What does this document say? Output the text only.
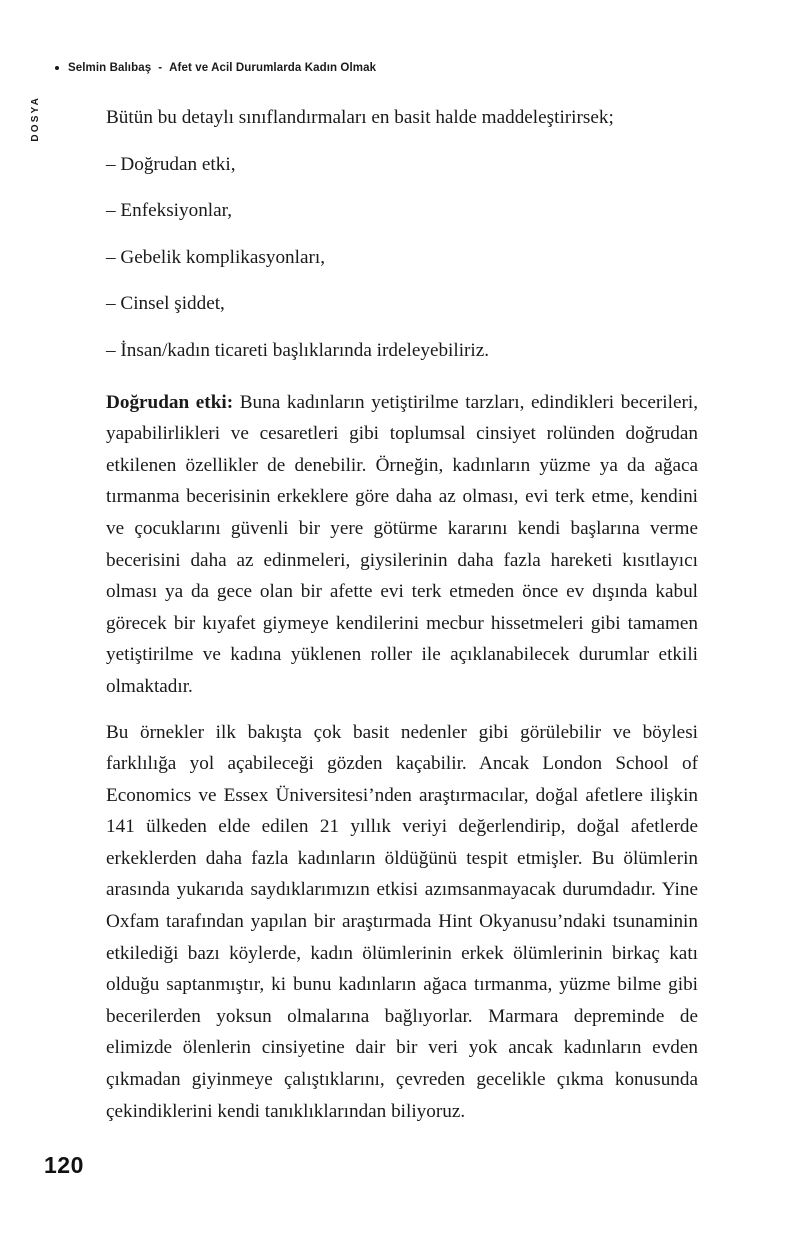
Selmin Balıbaş - Afet ve Acil Durumlarda Kadın Olmak
DOSYA	Bütün bu detaylı sınıflandırmaları en basit halde maddeleştirirsek;

– Doğrudan etki,

– Enfeksiyonlar,

– Gebelik komplikasyonları,

– Cinsel şiddet,

– İnsan/kadın ticareti başlıklarında irdeleyebiliriz.

Doğrudan etki: Buna kadınların yetiştirilme tarzları, edindikleri becerileri, yapabilirlikleri ve cesaretleri gibi toplumsal cinsiyet rolünden doğrudan etkilenen özellikler de denebilir. Örneğin, kadınların yüzme ya da ağaca tırmanma becerisinin erkeklere göre daha az olması, evi terk etme, kendini ve çocuklarını güvenli bir yere götürme kararını kendi başlarına verme becerisini daha az edinmeleri, giysilerinin daha fazla hareketi kısıtlayıcı olması ya da gece olan bir afette evi terk etmeden önce ev dışında kabul görecek bir kıyafet giymeye kendilerini mecbur hissetmeleri gibi tamamen yetiştirilme ve kadına yüklenen roller ile açıklanabilecek durumlar etkili olmaktadır.

Bu örnekler ilk bakışta çok basit nedenler gibi görülebilir ve böylesi farklılığa yol açabileceği gözden kaçabilir. Ancak London School of Economics ve Essex Üniversitesi’nden araştırmacılar, doğal afetlere ilişkin 141 ülkeden elde edilen 21 yıllık veriyi değerlendirip, doğal afetlerde erkeklerden daha fazla kadınların öldüğünü tespit etmişler. Bu ölümlerin arasında yukarıda saydıklarımızın etkisi azımsanmayacak durumdadır. Yine Oxfam tarafından yapılan bir araştırmada Hint Okyanusu’ndaki tsunaminin etkilediği bazı köylerde, kadın ölümlerinin erkek ölümlerinin birkaç katı olduğu saptanmıştır, ki bunu kadınların ağaca tırmanma, yüzme bilme gibi becerilerden yoksun olmalarına bağlıyorlar. Marmara depreminde de elimizde ölenlerin cinsiyetine dair bir veri yok ancak kadınların evden çıkmadan giyinmeye çalıştıklarını, çevreden gecelikle çıkma konusunda çekindiklerini kendi tanıklıklarından biliyoruz.

120
